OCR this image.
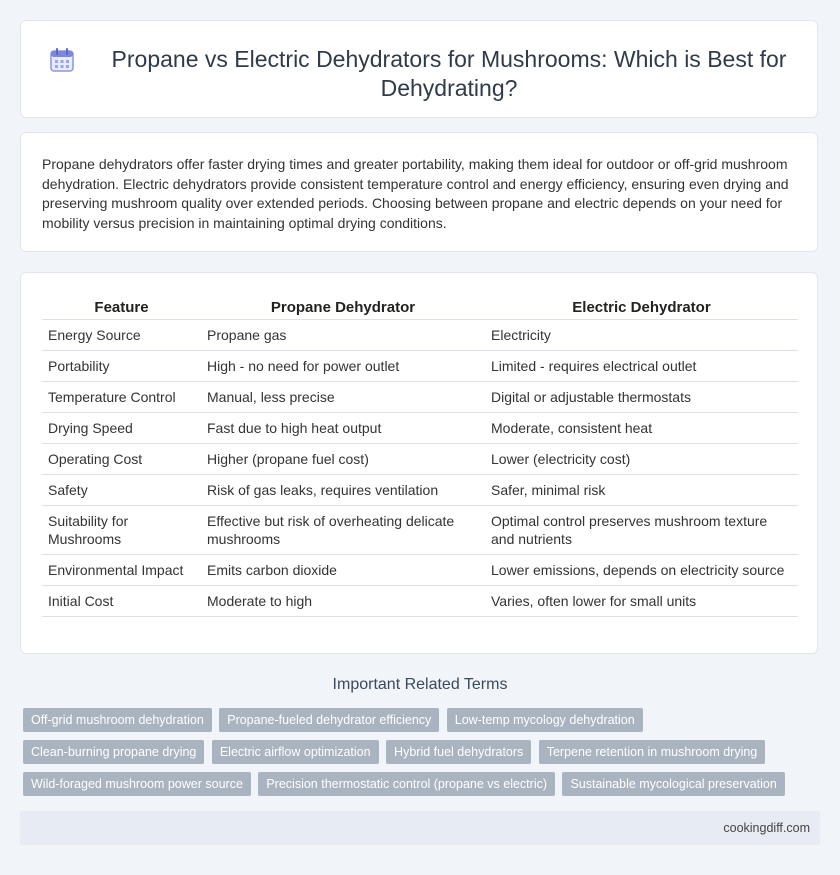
Propane vs Electric Dehydrators for Mushrooms: Which is Best for Dehydrating?
Propane dehydrators offer faster drying times and greater portability, making them ideal for outdoor or off-grid mushroom dehydration. Electric dehydrators provide consistent temperature control and energy efficiency, ensuring even drying and preserving mushroom quality over extended periods. Choosing between propane and electric depends on your need for mobility versus precision in maintaining optimal drying conditions.
Feature	Propane Dehydrator	Electric Dehydrator
Energy Source	Propane gas	Electricity
Portability	High - no need for power outlet	Limited - requires electrical outlet
Temperature Control	Manual, less precise	Digital or adjustable thermostats
Drying Speed	Fast due to high heat output	Moderate, consistent heat
Operating Cost	Higher (propane fuel cost)	Lower (electricity cost)
Safety	Risk of gas leaks, requires ventilation	Safer, minimal risk
Suitability for Mushrooms	Effective but risk of overheating delicate mushrooms	Optimal control preserves mushroom texture and nutrients
Environmental Impact	Emits carbon dioxide	Lower emissions, depends on electricity source
Initial Cost	Moderate to high	Varies, often lower for small units
Important Related Terms
Off-grid mushroom dehydration Propane-fueled dehydrator efficiency Low-temp mycology dehydration Clean-burning propane drying Electric airflow optimization Hybrid fuel dehydrators Terpene retention in mushroom drying Wild-foraged mushroom power source Precision thermostatic control (propane vs electric) Sustainable mycological preservation
cookingdiff.com
